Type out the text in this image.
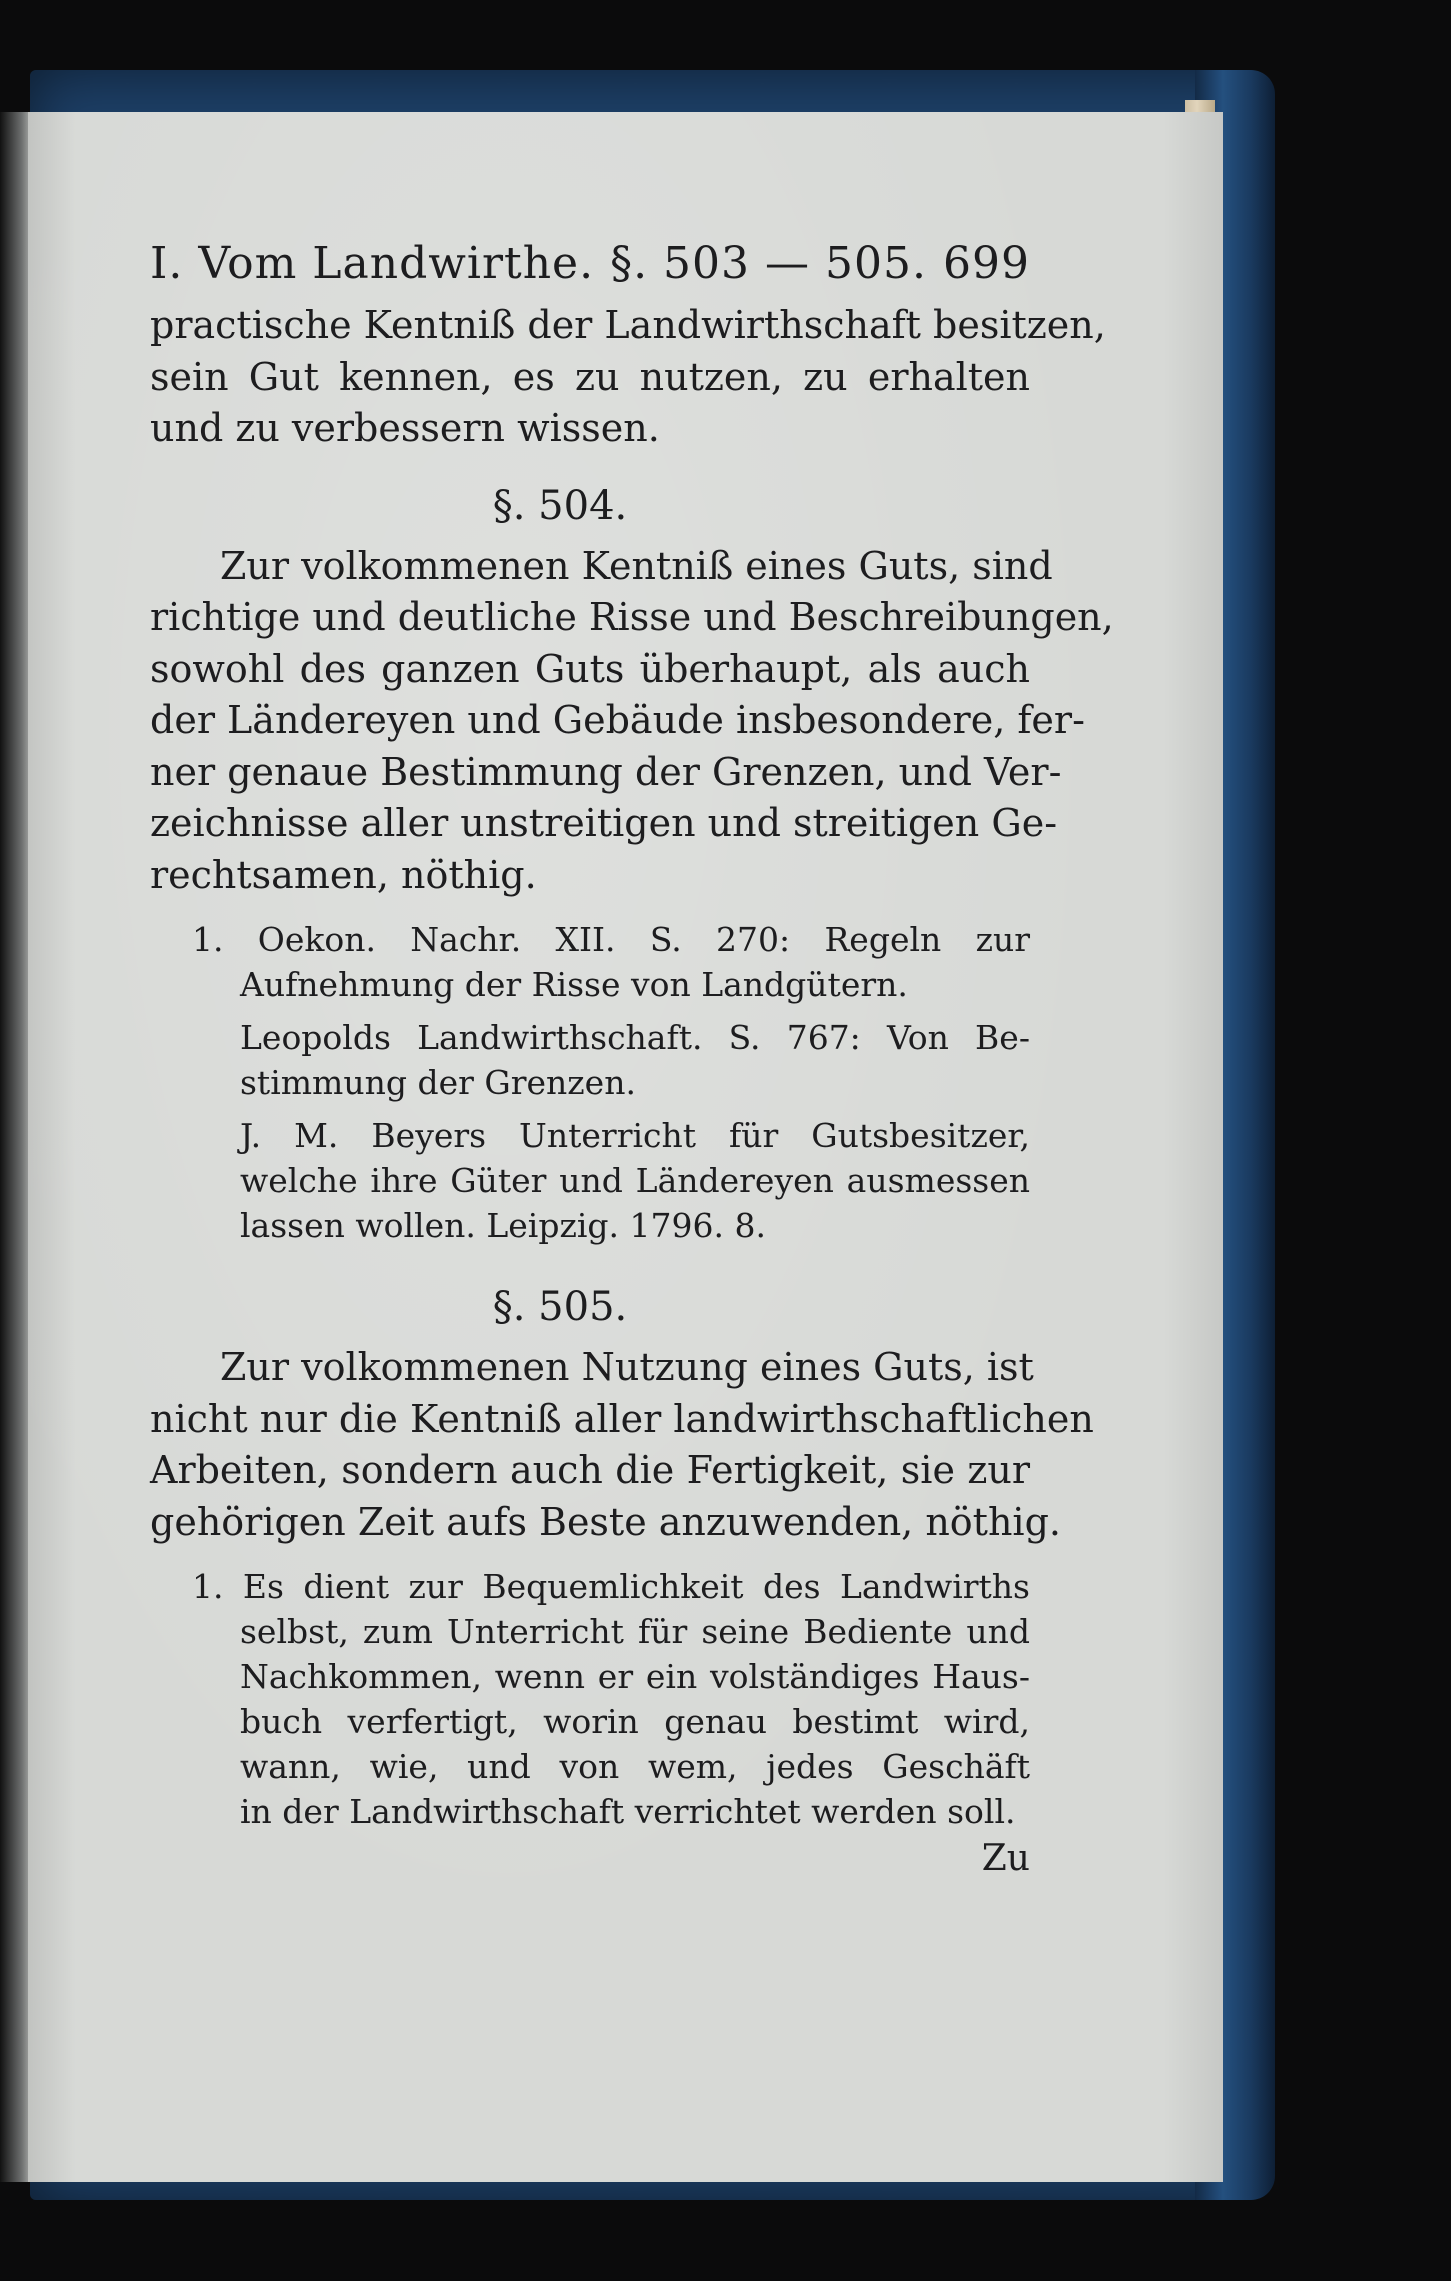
I. Vom Landwirthe. §. 503 — 505. 699
practische Kentniß der Landwirthschaft besitzen,
sein Gut kennen, es zu nutzen, zu erhalten
und zu verbessern wissen.
§. 504.
Zur volkommenen Kentniß eines Guts, sind
richtige und deutliche Risse und Beschreibungen,
sowohl des ganzen Guts überhaupt, als auch
der Ländereyen und Gebäude insbesondere, fer-
ner genaue Bestimmung der Grenzen, und Ver-
zeichnisse aller unstreitigen und streitigen Ge-
rechtsamen, nöthig.
1. Oekon. Nachr. XII. S. 270: Regeln zur
Aufnehmung der Risse von Landgütern.
Leopolds Landwirthschaft. S. 767: Von Be-
stimmung der Grenzen.
J. M. Beyers Unterricht für Gutsbesitzer,
welche ihre Güter und Ländereyen ausmessen
lassen wollen. Leipzig. 1796. 8.
§. 505.
Zur volkommenen Nutzung eines Guts, ist
nicht nur die Kentniß aller landwirthschaftlichen
Arbeiten, sondern auch die Fertigkeit, sie zur
gehörigen Zeit aufs Beste anzuwenden, nöthig.
1. Es dient zur Bequemlichkeit des Landwirths
selbst, zum Unterricht für seine Bediente und
Nachkommen, wenn er ein volständiges Haus-
buch verfertigt, worin genau bestimt wird,
wann, wie, und von wem, jedes Geschäft
in der Landwirthschaft verrichtet werden soll.
Zu
